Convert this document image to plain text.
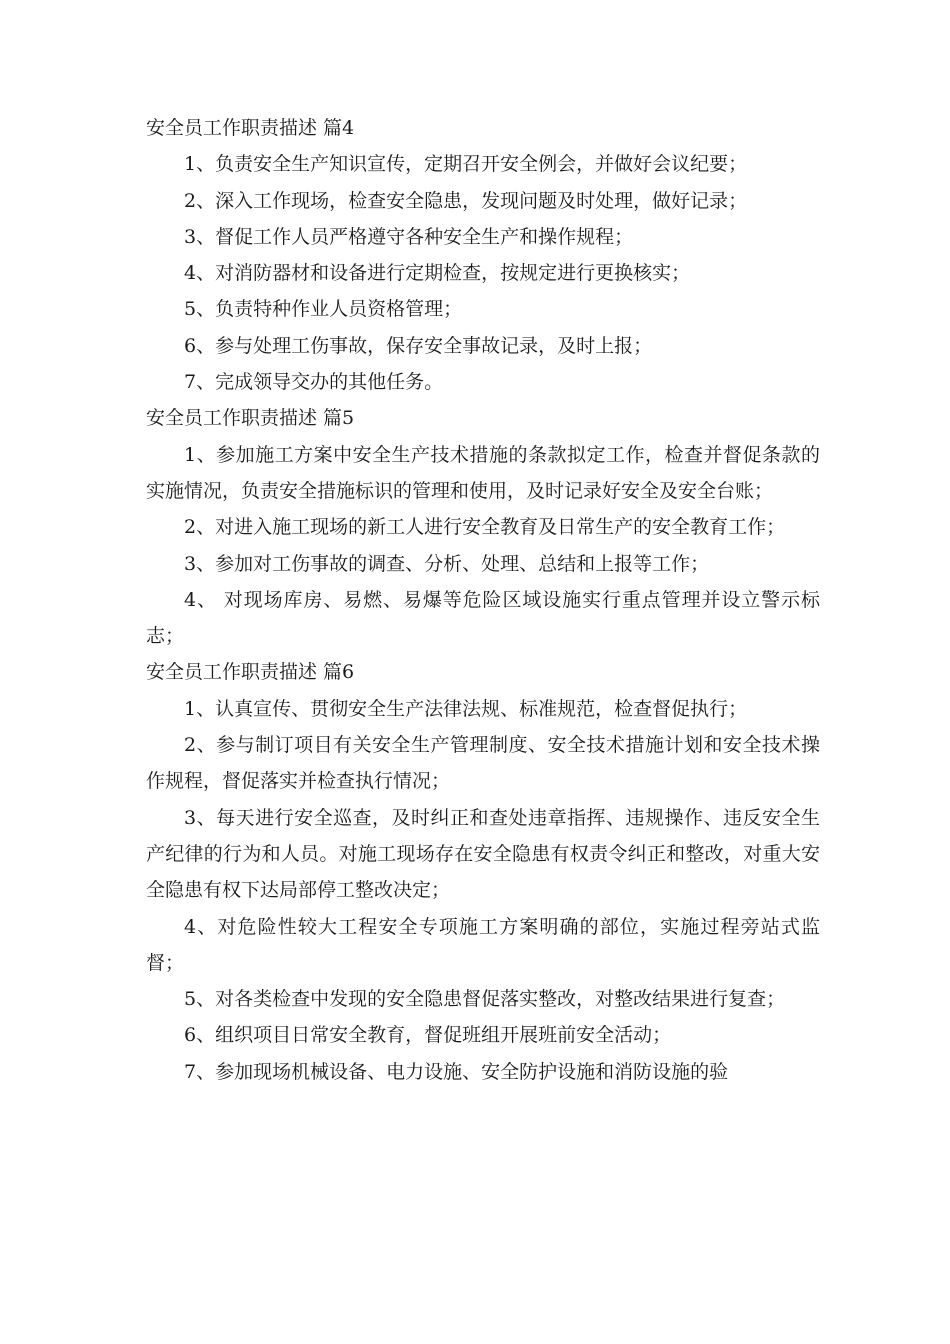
安全员工作职责描述 篇4

1、负责安全生产知识宣传，定期召开安全例会，并做好会议纪要；

2、深入工作现场，检查安全隐患，发现问题及时处理，做好记录；

3、督促工作人员严格遵守各种安全生产和操作规程；

4、对消防器材和设备进行定期检查，按规定进行更换核实；

5、负责特种作业人员资格管理；

6、参与处理工伤事故，保存安全事故记录，及时上报；

7、完成领导交办的其他任务。

安全员工作职责描述 篇5

1、参加施工方案中安全生产技术措施的条款拟定工作，检查并督促条款的实施情况，负责安全措施标识的管理和使用，及时记录好安全及安全台账；

2、对进入施工现场的新工人进行安全教育及日常生产的安全教育工作；

3、参加对工伤事故的调查、分析、处理、总结和上报等工作；

4、 对现场库房、易燃、易爆等危险区域设施实行重点管理并设立警示标志；

安全员工作职责描述 篇6

1、认真宣传、贯彻安全生产法律法规、标准规范，检查督促执行；

2、参与制订项目有关安全生产管理制度、安全技术措施计划和安全技术操作规程，督促落实并检查执行情况；

3、每天进行安全巡查，及时纠正和查处违章指挥、违规操作、违反安全生产纪律的行为和人员。对施工现场存在安全隐患有权责令纠正和整改，对重大安全隐患有权下达局部停工整改决定；

4、对危险性较大工程安全专项施工方案明确的部位，实施过程旁站式监督；

5、对各类检查中发现的安全隐患督促落实整改，对整改结果进行复查；

6、组织项目日常安全教育，督促班组开展班前安全活动；

7、参加现场机械设备、电力设施、安全防护设施和消防设施的验
